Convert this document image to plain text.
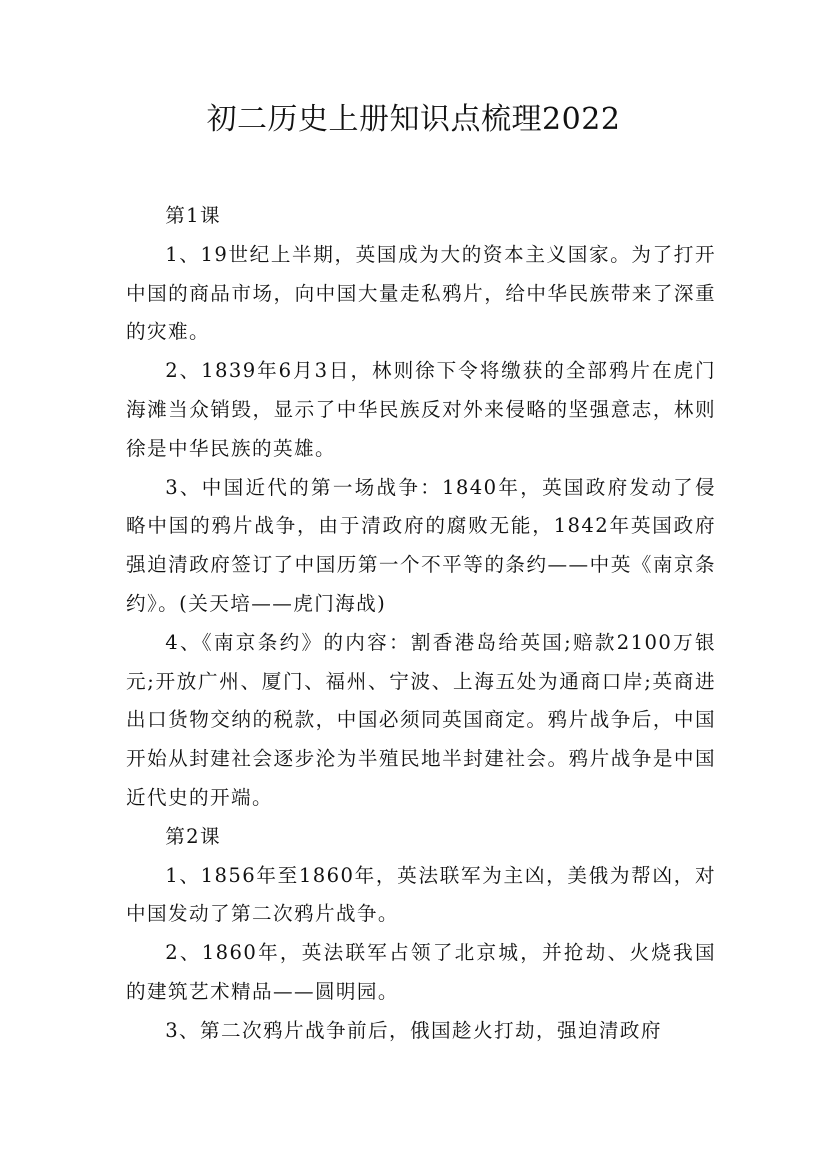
初二历史上册知识点梳理2022

第1课

1、19世纪上半期，英国成为大的资本主义国家。为了打开中国的商品市场，向中国大量走私鸦片，给中华民族带来了深重的灾难。

2、1839年6月3日，林则徐下令将缴获的全部鸦片在虎门海滩当众销毁，显示了中华民族反对外来侵略的坚强意志，林则徐是中华民族的英雄。

3、中国近代的第一场战争：1840年，英国政府发动了侵略中国的鸦片战争，由于清政府的腐败无能，1842年英国政府强迫清政府签订了中国历第一个不平等的条约——中英《南京条约》。(关天培——虎门海战)

4、《南京条约》的内容：割香港岛给英国;赔款2100万银元;开放广州、厦门、福州、宁波、上海五处为通商口岸;英商进出口货物交纳的税款，中国必须同英国商定。鸦片战争后，中国开始从封建社会逐步沦为半殖民地半封建社会。鸦片战争是中国近代史的开端。

第2课

1、1856年至1860年，英法联军为主凶，美俄为帮凶，对中国发动了第二次鸦片战争。

2、1860年，英法联军占领了北京城，并抢劫、火烧我国的建筑艺术精品——圆明园。

3、第二次鸦片战争前后，俄国趁火打劫，强迫清政府
